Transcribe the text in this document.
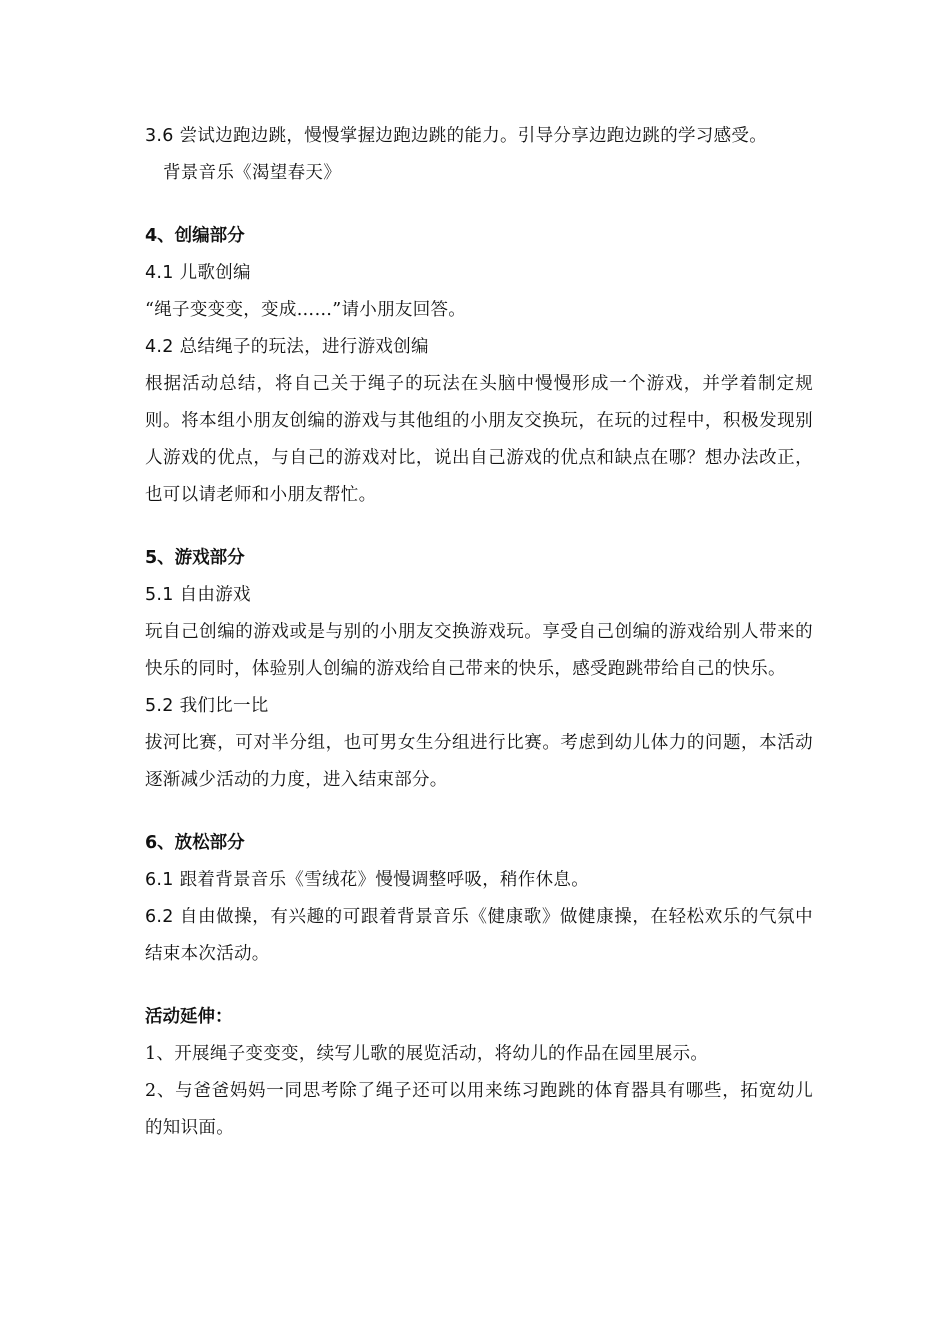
3.6 尝试边跑边跳，慢慢掌握边跑边跳的能力。引导分享边跑边跳的学习感受。

背景音乐《渴望春天》

4、创编部分

4.1 儿歌创编

“绳子变变变，变成……”请小朋友回答。

4.2 总结绳子的玩法，进行游戏创编

根据活动总结，将自己关于绳子的玩法在头脑中慢慢形成一个游戏，并学着制定规则。将本组小朋友创编的游戏与其他组的小朋友交换玩，在玩的过程中，积极发现别人游戏的优点，与自己的游戏对比，说出自己游戏的优点和缺点在哪？想办法改正，也可以请老师和小朋友帮忙。

5、游戏部分

5.1 自由游戏

玩自己创编的游戏或是与别的小朋友交换游戏玩。享受自己创编的游戏给别人带来的快乐的同时，体验别人创编的游戏给自己带来的快乐，感受跑跳带给自己的快乐。

5.2 我们比一比

拔河比赛，可对半分组，也可男女生分组进行比赛。考虑到幼儿体力的问题，本活动逐渐减少活动的力度，进入结束部分。

6、放松部分

6.1 跟着背景音乐《雪绒花》慢慢调整呼吸，稍作休息。

6.2 自由做操，有兴趣的可跟着背景音乐《健康歌》做健康操，在轻松欢乐的气氛中结束本次活动。

活动延伸：

1、开展绳子变变变，续写儿歌的展览活动，将幼儿的作品在园里展示。

2、与爸爸妈妈一同思考除了绳子还可以用来练习跑跳的体育器具有哪些，拓宽幼儿的知识面。
